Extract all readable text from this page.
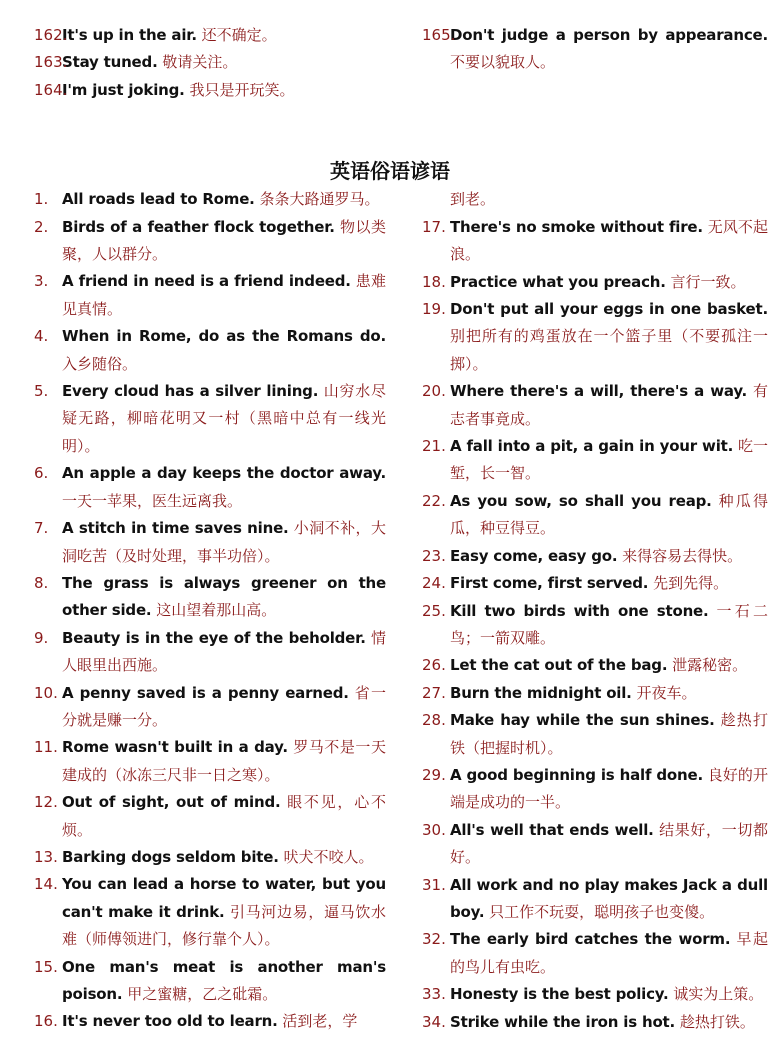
162.
It's up in the air. 还不确定。
163.
Stay tuned. 敬请关注。
164.
I'm just joking. 我只是开玩笑。
1. All roads lead to Rome. 条条大路通罗马。
2. Birds of a feather flock together. 物以类聚，人以群分。
3. A friend in need is a friend indeed. 患难见真情。
4. When in Rome, do as the Romans do. 入乡随俗。
5. Every cloud has a silver lining. 山穷水尽疑无路，柳暗花明又一村（黑暗中总有一线光明）。
6. An apple a day keeps the doctor away. 一天一苹果，医生远离我。
7. A stitch in time saves nine. 小洞不补，大洞吃苦（及时处理，事半功倍）。
8. The grass is always greener on the other side. 这山望着那山高。
9. Beauty is in the eye of the beholder. 情人眼里出西施。
10. A penny saved is a penny earned. 省一分就是赚一分。
11. Rome wasn't built in a day. 罗马不是一天建成的（冰冻三尺非一日之寒）。
12. Out of sight, out of mind. 眼不见，心不烦。
13. Barking dogs seldom bite. 吠犬不咬人。
14. You can lead a horse to water, but you can't make it drink. 引马河边易，逼马饮水难（师傅领进门，修行靠个人）。
15. One man's meat is another man's poison. 甲之蜜糖，乙之砒霜。
16. It's never too old to learn. 活到老，学
英语俗语谚语
165.
Don't judge a person by appearance. 不要以貌取人。
到老。
17. There's no smoke without fire. 无风不起浪。
18. Practice what you preach. 言行一致。
19. Don't put all your eggs in one basket. 别把所有的鸡蛋放在一个篮子里（不要孤注一掷）。
20. Where there's a will, there's a way. 有志者事竟成。
21. A fall into a pit, a gain in your wit. 吃一堑，长一智。
22. As you sow, so shall you reap. 种瓜得瓜，种豆得豆。
23. Easy come, easy go. 来得容易去得快。
24. First come, first served. 先到先得。
25. Kill two birds with one stone. 一石二鸟；一箭双雕。
26. Let the cat out of the bag. 泄露秘密。
27. Burn the midnight oil. 开夜车。
28. Make hay while the sun shines. 趁热打铁（把握时机）。
29. A good beginning is half done. 良好的开端是成功的一半。
30. All's well that ends well. 结果好，一切都好。
31. All work and no play makes Jack a dull boy. 只工作不玩耍，聪明孩子也变傻。
32. The early bird catches the worm. 早起的鸟儿有虫吃。
33. Honesty is the best policy. 诚实为上策。
34. Strike while the iron is hot. 趁热打铁。
